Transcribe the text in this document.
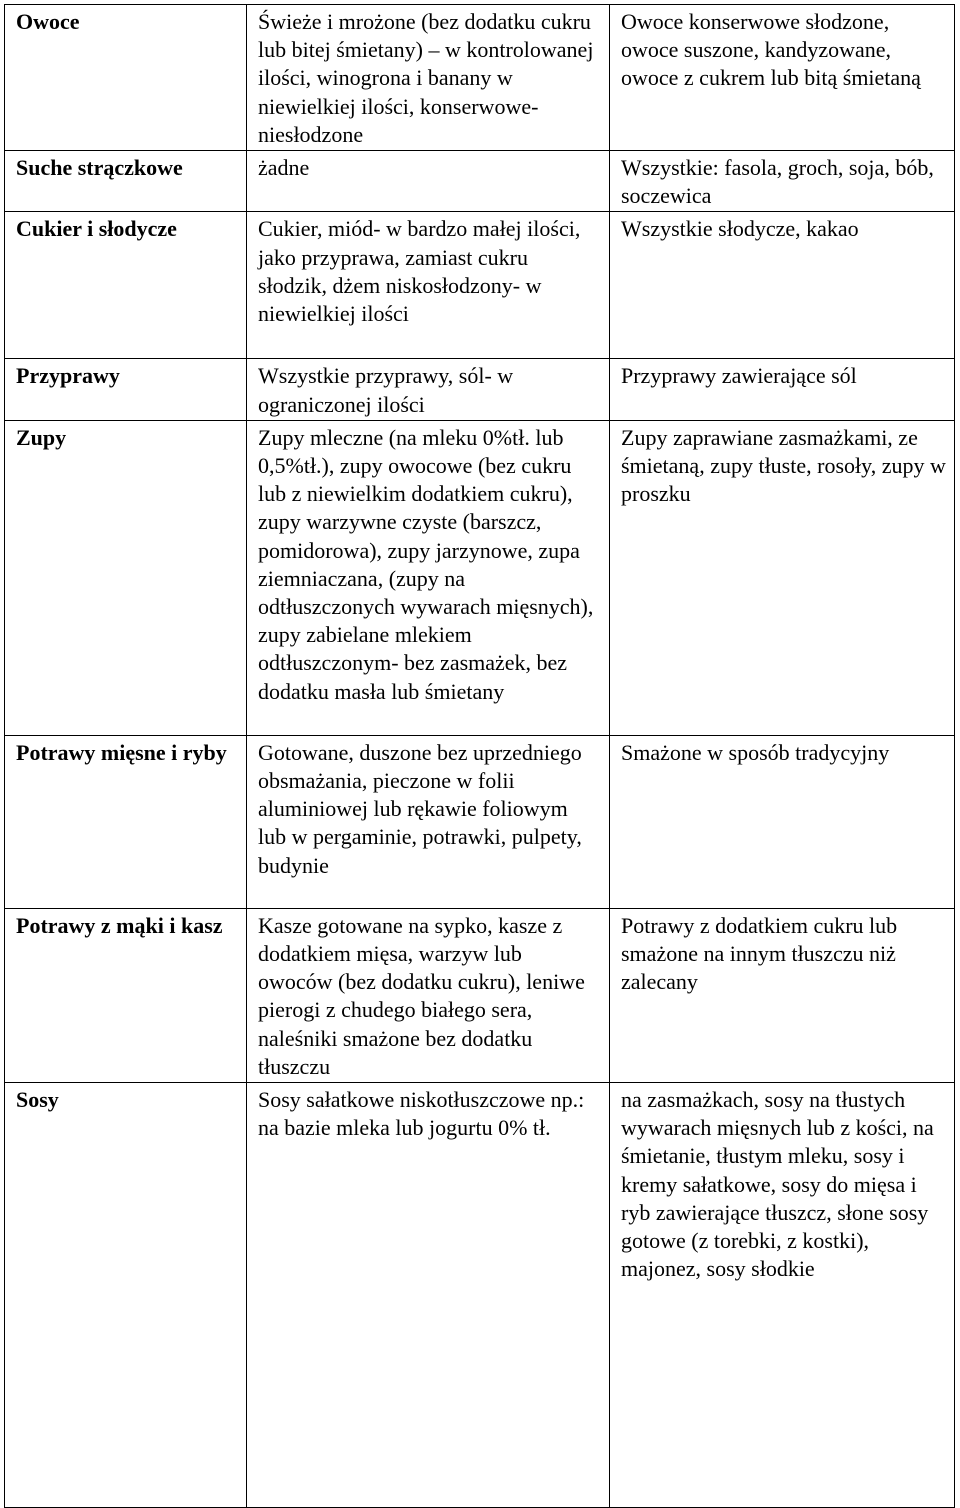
Owoce	Świeże i mrożone (bez dodatku cukru lub bitej śmietany) – w kontrolowanej ilości, winogrona i banany w niewielkiej ilości, konserwowe- niesłodzone	Owoce konserwowe słodzone, owoce suszone, kandyzowane, owoce z cukrem lub bitą śmietaną
Suche strączkowe	żadne	Wszystkie: fasola, groch, soja, bób, soczewica
Cukier i słodycze	Cukier, miód- w bardzo małej ilości, jako przyprawa, zamiast cukru słodzik, dżem niskosłodzony- w niewielkiej ilości	Wszystkie słodycze, kakao
Przyprawy	Wszystkie przyprawy, sól- w ograniczonej ilości	Przyprawy zawierające sól
Zupy	Zupy mleczne (na mleku 0%tł. lub 0,5%tł.), zupy owocowe (bez cukru lub z niewielkim dodatkiem cukru), zupy warzywne czyste (barszcz, pomidorowa), zupy jarzynowe, zupa ziemniaczana, (zupy na odtłuszczonych wywarach mięsnych), zupy zabielane mlekiem odtłuszczonym- bez zasmażek, bez dodatku masła lub śmietany	Zupy zaprawiane zasmażkami, ze śmietaną, zupy tłuste, rosoły, zupy w proszku
Potrawy mięsne i ryby	Gotowane, duszone bez uprzedniego obsmażania, pieczone w folii aluminiowej lub rękawie foliowym lub w pergaminie, potrawki, pulpety, budynie	Smażone w sposób tradycyjny
Potrawy z mąki i kasz	Kasze gotowane na sypko, kasze z dodatkiem mięsa, warzyw lub owoców (bez dodatku cukru), leniwe pierogi z chudego białego sera, naleśniki smażone bez dodatku tłuszczu	Potrawy z dodatkiem cukru lub smażone na innym tłuszczu niż zalecany
Sosy	Sosy sałatkowe niskotłuszczowe np.: na bazie mleka lub jogurtu 0% tł.	na zasmażkach, sosy na tłustych wywarach mięsnych lub z kości, na śmietanie, tłustym mleku, sosy i kremy sałatkowe, sosy do mięsa i ryb zawierające tłuszcz, słone sosy gotowe (z torebki, z kostki), majonez, sosy słodkie
